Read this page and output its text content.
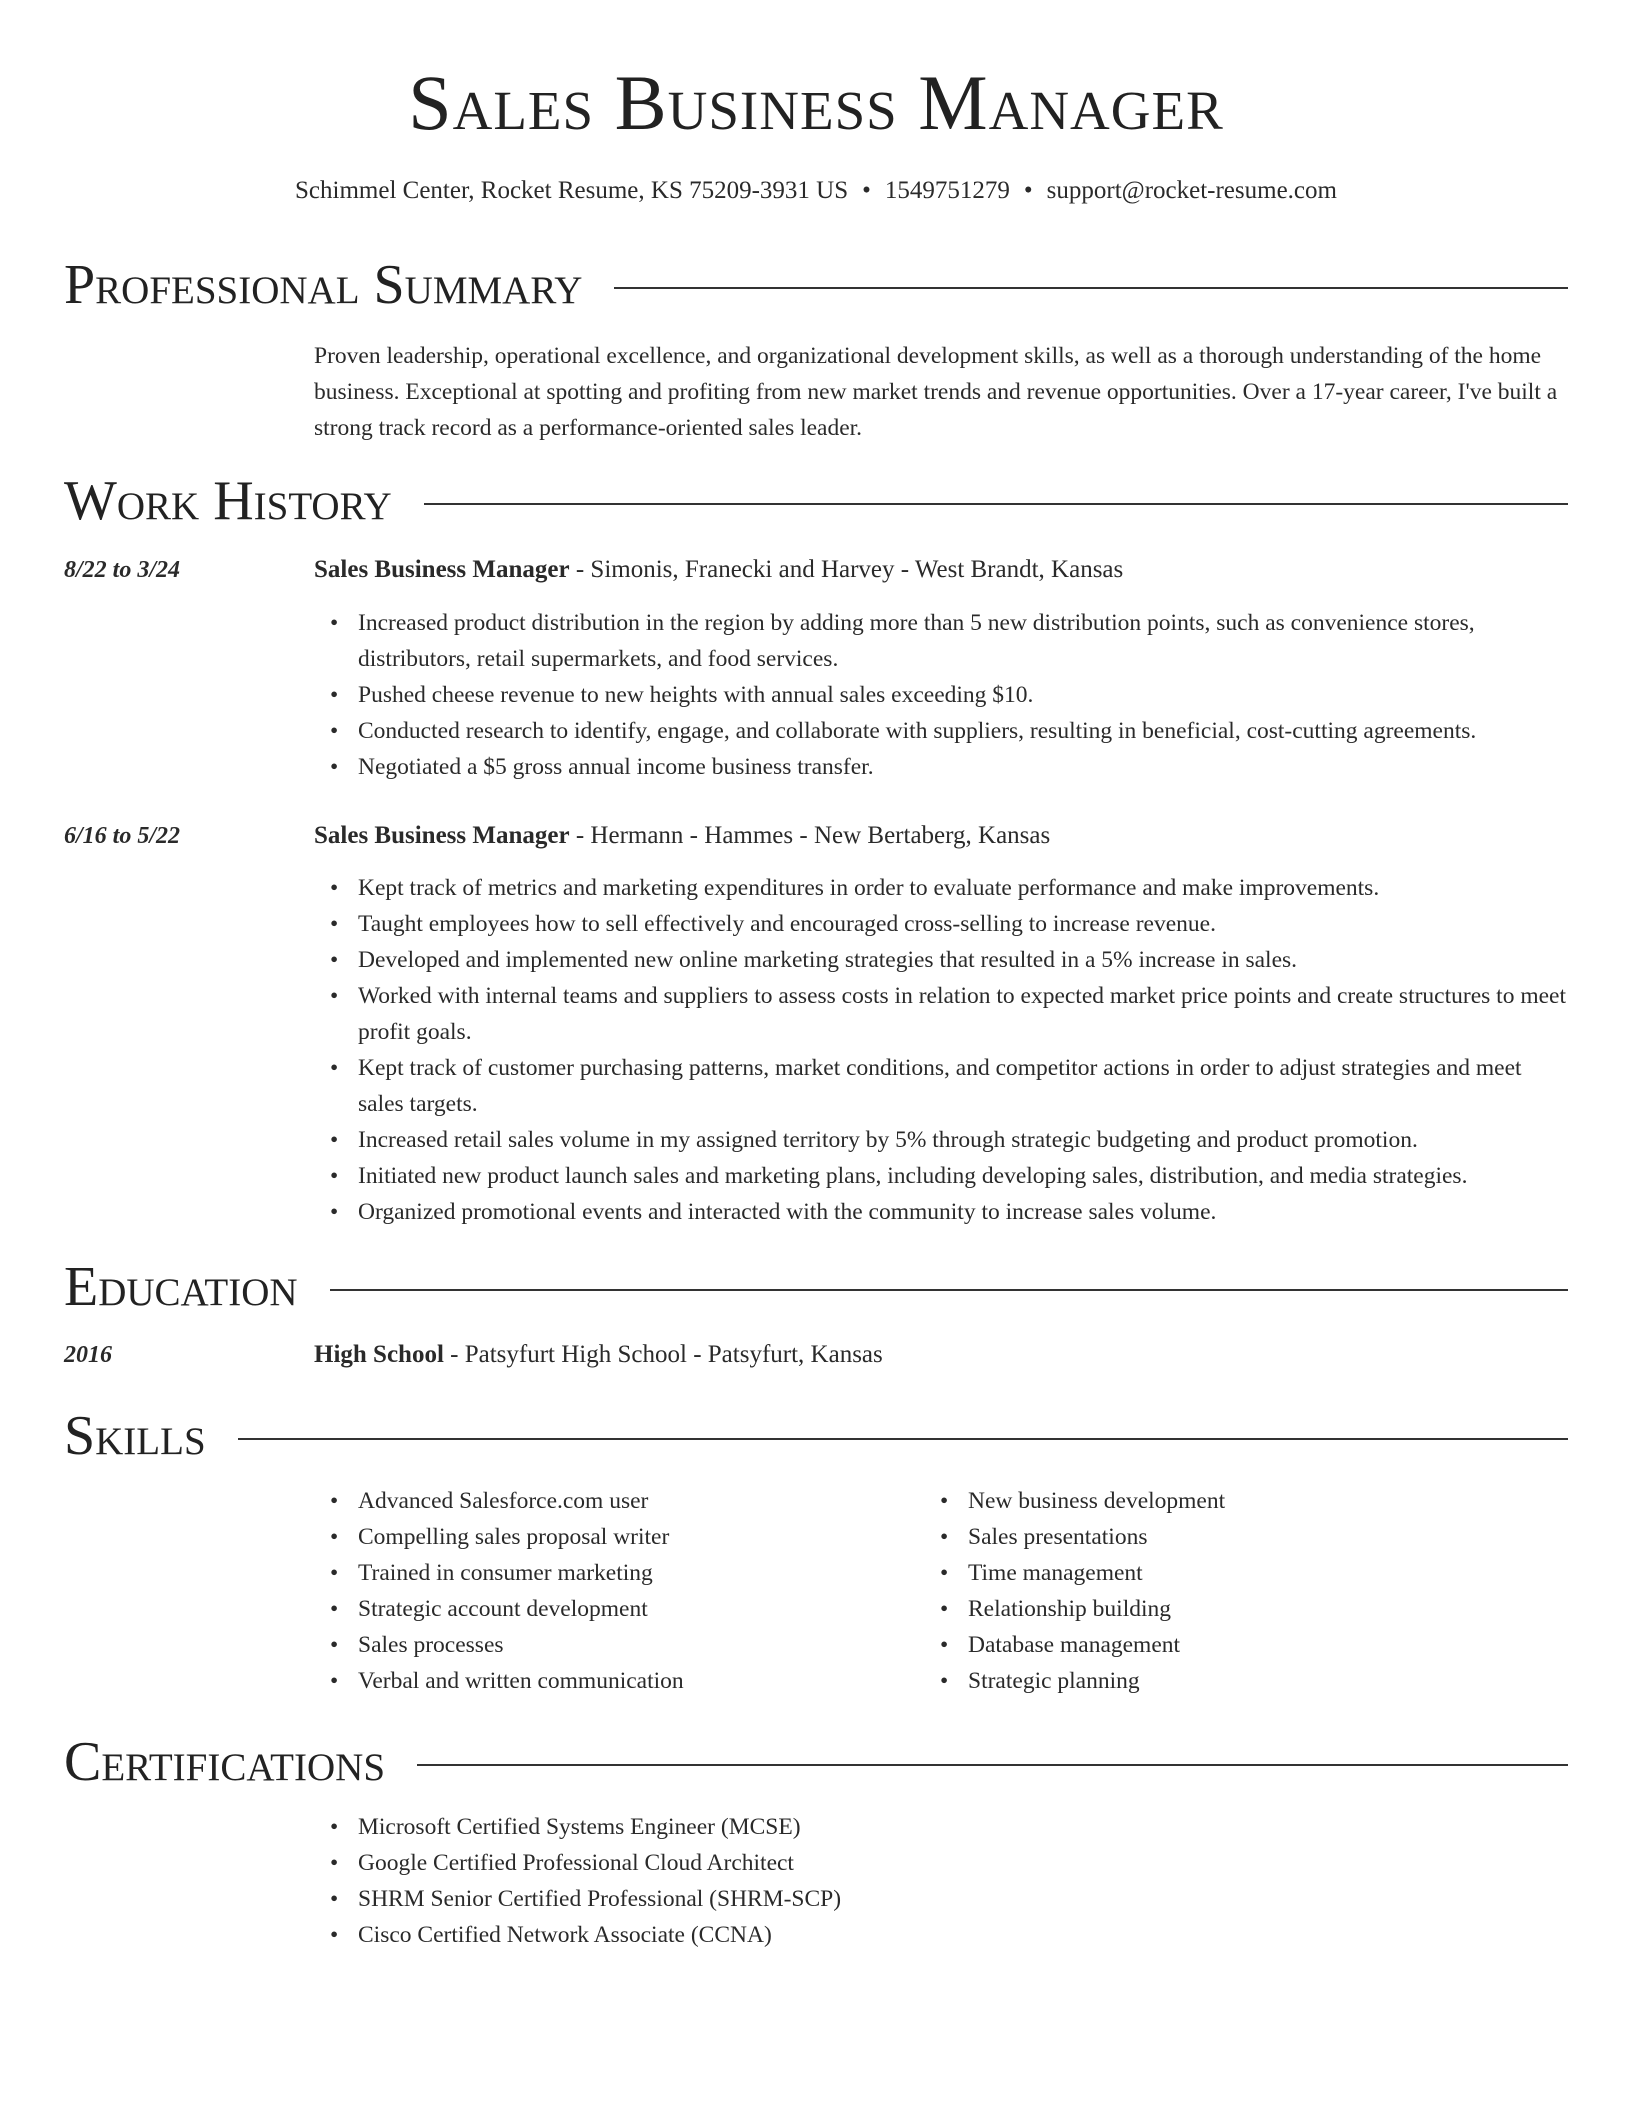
Sales Business Manager
Schimmel Center, Rocket Resume, KS 75209-3931 US • 1549751279 • support@rocket-resume.com
Professional Summary
Proven leadership, operational excellence, and organizational development skills, as well as a thorough understanding of the home business. Exceptional at spotting and profiting from new market trends and revenue opportunities. Over a 17-year career, I've built a strong track record as a performance-oriented sales leader.
Work History
8/22 to 3/24	Sales Business Manager - Simonis, Franecki and Harvey - West Brandt, Kansas
• Increased product distribution in the region by adding more than 5 new distribution points, such as convenience stores, distributors, retail supermarkets, and food services.
• Pushed cheese revenue to new heights with annual sales exceeding $10.
• Conducted research to identify, engage, and collaborate with suppliers, resulting in beneficial, cost-cutting agreements.
• Negotiated a $5 gross annual income business transfer.
6/16 to 5/22	Sales Business Manager - Hermann - Hammes - New Bertaberg, Kansas
• Kept track of metrics and marketing expenditures in order to evaluate performance and make improvements.
• Taught employees how to sell effectively and encouraged cross-selling to increase revenue.
• Developed and implemented new online marketing strategies that resulted in a 5% increase in sales.
• Worked with internal teams and suppliers to assess costs in relation to expected market price points and create structures to meet profit goals.
• Kept track of customer purchasing patterns, market conditions, and competitor actions in order to adjust strategies and meet sales targets.
• Increased retail sales volume in my assigned territory by 5% through strategic budgeting and product promotion.
• Initiated new product launch sales and marketing plans, including developing sales, distribution, and media strategies.
• Organized promotional events and interacted with the community to increase sales volume.
Education
2016	High School - Patsyfurt High School - Patsyfurt, Kansas
Skills
• Advanced Salesforce.com user
• Compelling sales proposal writer
• Trained in consumer marketing
• Strategic account development
• Sales processes
• Verbal and written communication
• New business development
• Sales presentations
• Time management
• Relationship building
• Database management
• Strategic planning
Certifications
• Microsoft Certified Systems Engineer (MCSE)
• Google Certified Professional Cloud Architect
• SHRM Senior Certified Professional (SHRM-SCP)
• Cisco Certified Network Associate (CCNA)
